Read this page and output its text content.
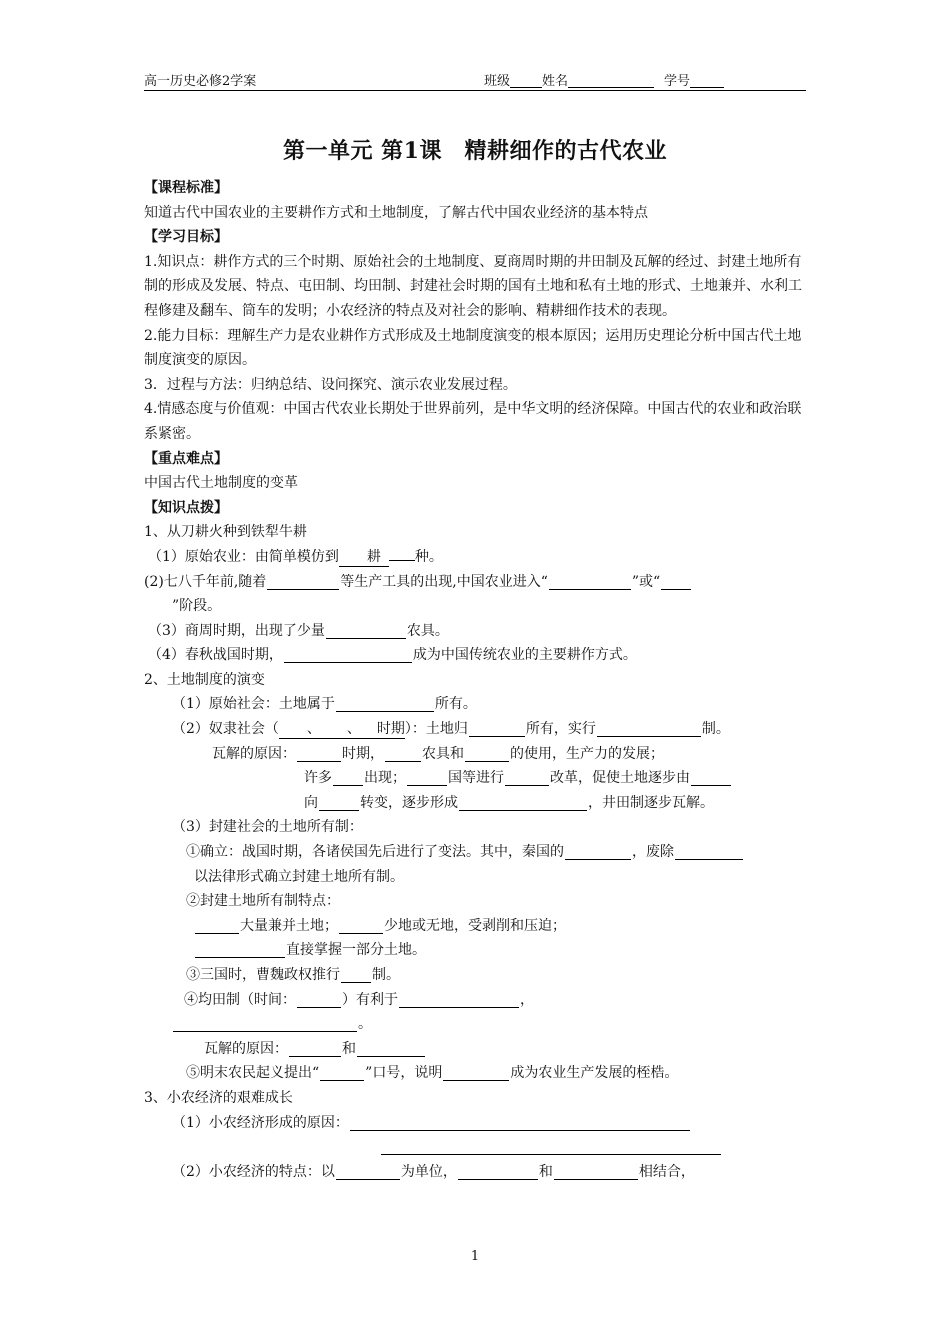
高一历史必修2学案	班级 姓名	学号
第一单元 第1课　精耕细作的古代农业
【课程标准】
知道古代中国农业的主要耕作方式和土地制度，了解古代中国农业经济的基本特点
【学习目标】
1.知识点：耕作方式的三个时期、原始社会的土地制度、夏商周时期的井田制及瓦解的经过、封建土地所有制的形成及发展、特点、屯田制、均田制、封建社会时期的国有土地和私有土地的形式、土地兼并、水利工程修建及翻车、筒车的发明；小农经济的特点及对社会的影响、精耕细作技术的表现。
2.能力目标：理解生产力是农业耕作方式形成及土地制度演变的根本原因；运用历史理论分析中国古代土地制度演变的原因。
3．过程与方法：归纳总结、设问探究、演示农业发展过程。
4.情感态度与价值观：中国古代农业长期处于世界前列，是中华文明的经济保障。中国古代的农业和政治联系紧密。
【重点难点】
中国古代土地制度的变革
【知识点拨】
1、从刀耕火种到铁犁牛耕
（1）原始农业：由简单模仿到 耕 种。
(2)七八千年前,随着	等生产工具的出现,中国农业进入“	”或“
”阶段。
（3）商周时期，出现了少量	农具。
（4）春秋战国时期，	成为中国传统农业的主要耕作方式。
2、土地制度的演变
（1）原始社会：土地属于	所有。
（2）奴隶社会（ 、 、 时期）：土地归	所有，实行	制。
瓦解的原因：	时期，	农具和	的使用，生产力的发展；
许多 出现；	国等进行	改革，促使土地逐步由
向	转变，逐步形成	，井田制逐步瓦解。
（3）封建社会的土地所有制：
①确立：战国时期，各诸侯国先后进行了变法。其中，秦国的	，废除
以法律形式确立封建土地所有制。
②封建土地所有制特点：
大量兼并土地；	少地或无地，受剥削和压迫；
直接掌握一部分土地。
③三国时，曹魏政权推行 制。
④均田制（时间：	）有利于	，
。
瓦解的原因：	和
⑤明末农民起义提出“	”口号，说明	成为农业生产发展的桎梏。
3、小农经济的艰难成长
（1）小农经济形成的原因：
（2）小农经济的特点：以	为单位，	和	相结合，
1
